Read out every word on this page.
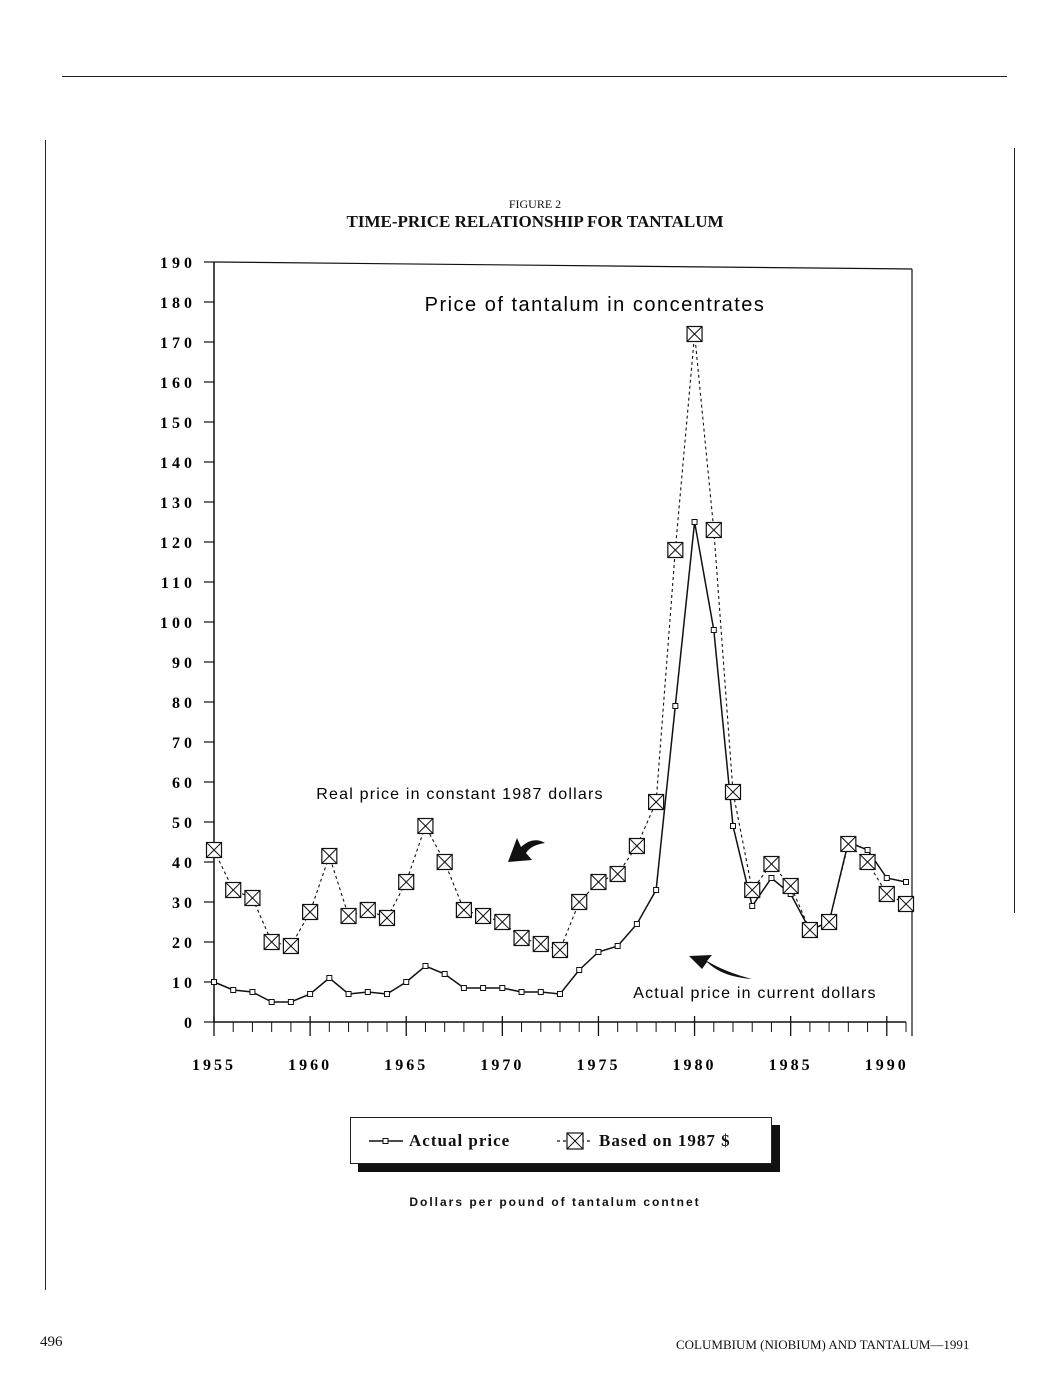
FIGURE 2
TIME-PRICE RELATIONSHIP FOR TANTALUM
0
10
20
30
40
50
60
70
80
90
100
110
120
130
140
150
160
170
180
190
1955	1960	1965	1970	1975	1980	1985	1990
Price of tantalum in concentrates
Real price in constant 1987 dollars
Actual price in current dollars
Actual price	Based on 1987 $
Dollars per pound of tantalum contnet
496	COLUMBIUM (NIOBIUM) AND TANTALUM—1991
